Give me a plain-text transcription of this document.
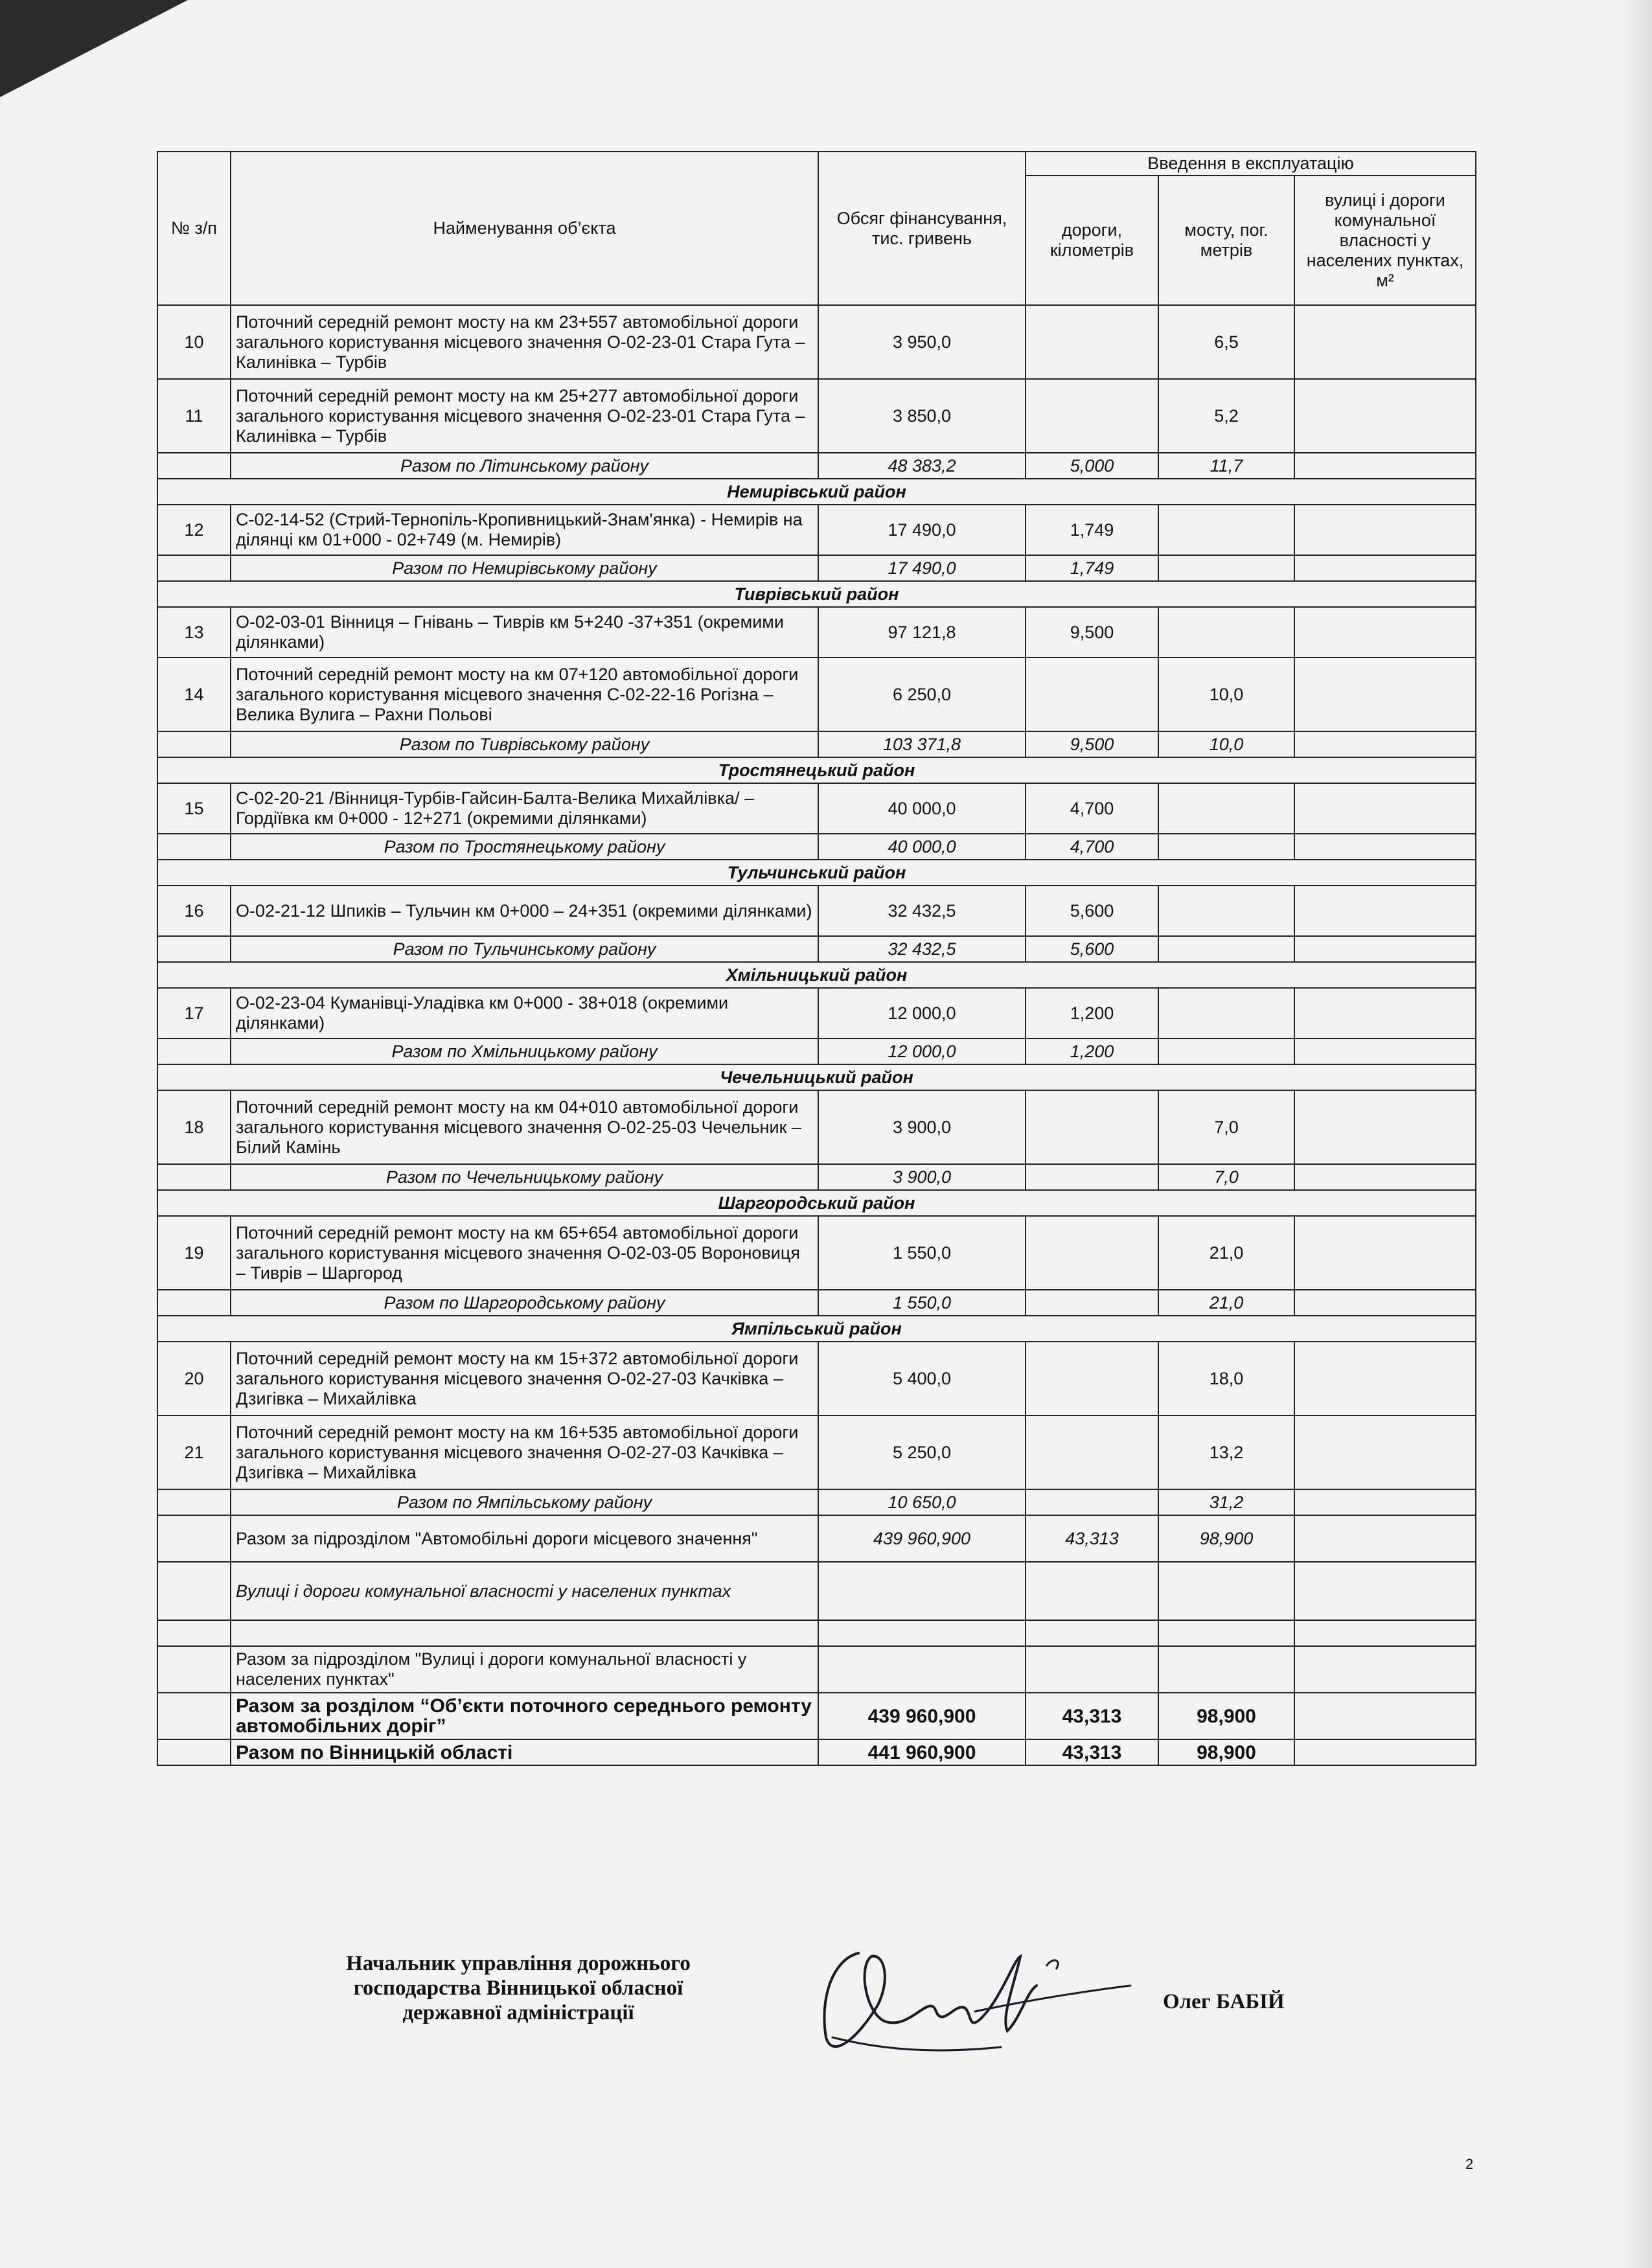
№ з/п	Найменування об’єкта	Обсяг фінансування, тис. гривень	Введення в експлуатацію		
			дороги, кілометрів	мосту, пог. метрів	вулиці і дороги комунальної власності у населених пунктах, м²
10	Поточний середній ремонт мосту на км 23+557 автомобільної дороги загального користування місцевого значення О-02-23-01 Стара Гута – Калинівка – Турбів	3 950,0		6,5	
11	Поточний середній ремонт мосту на км 25+277 автомобільної дороги загального користування місцевого значення О-02-23-01 Стара Гута – Калинівка – Турбів	3 850,0		5,2	
	Разом по Літинському району	48 383,2	5,000	11,7	
Немирівський район					
12	С-02-14-52 (Стрий-Тернопіль-Кропивницький-Знам'янка) - Немирів на ділянці км 01+000 - 02+749 (м. Немирів)	17 490,0	1,749		
	Разом по Немирівському району	17 490,0	1,749		
Тиврівський район					
13	О-02-03-01 Вінниця – Гнівань – Тиврів км 5+240 -37+351 (окремими ділянками)	97 121,8	9,500		
14	Поточний середній ремонт мосту на км 07+120 автомобільної дороги загального користування місцевого значення С-02-22-16 Рогізна – Велика Вулига – Рахни Польові	6 250,0		10,0	
	Разом по Тиврівському району	103 371,8	9,500	10,0	
Тростянецький район					
15	С-02-20-21 /Вінниця-Турбів-Гайсин-Балта-Велика Михайлівка/ – Гордіївка км 0+000 - 12+271 (окремими ділянками)	40 000,0	4,700		
	Разом по Тростянецькому району	40 000,0	4,700		
Тульчинський район					
16	О-02-21-12 Шпиків – Тульчин км 0+000 – 24+351 (окремими ділянками)	32 432,5	5,600		
	Разом по Тульчинському району	32 432,5	5,600		
Хмільницький район					
17	О-02-23-04 Куманівці-Уладівка км 0+000 - 38+018 (окремими ділянками)	12 000,0	1,200		
	Разом по Хмільницькому району	12 000,0	1,200		
Чечельницький район					
18	Поточний середній ремонт мосту на км 04+010 автомобільної дороги загального користування місцевого значення О-02-25-03 Чечельник – Білий Камінь	3 900,0		7,0	
	Разом по Чечельницькому району	3 900,0		7,0	
Шаргородський район					
19	Поточний середній ремонт мосту на км 65+654 автомобільної дороги загального користування місцевого значення О-02-03-05 Вороновиця – Тиврів – Шаргород	1 550,0		21,0	
	Разом по Шаргородському району	1 550,0		21,0	
Ямпільський район					
20	Поточний середній ремонт мосту на км 15+372 автомобільної дороги загального користування місцевого значення О-02-27-03 Качківка – Дзигівка – Михайлівка	5 400,0		18,0	
21	Поточний середній ремонт мосту на км 16+535 автомобільної дороги загального користування місцевого значення О-02-27-03 Качківка – Дзигівка – Михайлівка	5 250,0		13,2	
	Разом по Ямпільському району	10 650,0		31,2	
	Разом за підрозділом "Автомобільні дороги місцевого значення"	439 960,900	43,313	98,900	
	Вулиці і дороги комунальної власності у населених пунктах				

	Разом за підрозділом "Вулиці і дороги комунальної власності у населених пунктах"				
	Разом за розділом “Об’єкти поточного середнього ремонту автомобільних доріг”	439 960,900	43,313	98,900	
	Разом по Вінницькій області	441 960,900	43,313	98,900	
Начальник управління дорожнього
господарства Вінницької обласної
державної адміністрації	Олег БАБІЙ
2
